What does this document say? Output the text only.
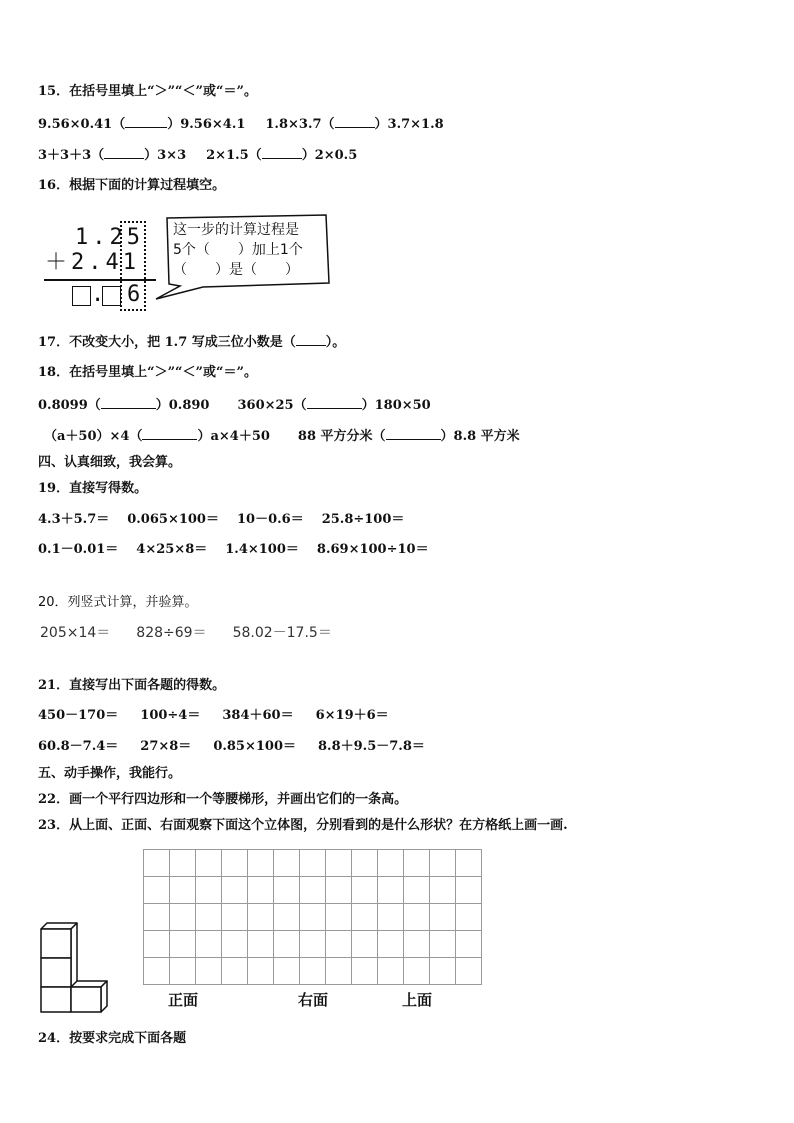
15．在括号里填上“＞”“＜”或“＝”。
9.56×0.41（	）9.56×4.1 1.8×3.7（	）3.7×1.8
3＋3＋3（	）3×3 2×1.5（	）2×0.5
16．根据下面的计算过程填空。
1.25
＋2.41
. 6
这一步的计算过程是
5个（　　）加上1个
（　　）是（　　）
17．不改变大小，把 1.7 写成三位小数是（ ）。
18．在括号里填上“＞”“＜”或“＝”。
0.8099（	）0.890 360×25（	）180×50
（a＋50）×4（	）a×4＋50 88 平方分米（	）8.8 平方米
四、认真细致，我会算。
19．直接写得数。
4.3＋5.7＝ 0.065×100＝ 10－0.6＝ 25.8÷100＝
0.1－0.01＝ 4×25×8＝ 1.4×100＝ 8.69×100÷10＝
20．列竖式计算，并验算。
205×14＝ 828÷69＝ 58.02－17.5＝
21．直接写出下面各题的得数。
450－170＝ 100÷4＝ 384＋60＝ 6×19＋6＝
60.8－7.4＝ 27×8＝ 0.85×100＝ 8.8＋9.5－7.8＝
五、动手操作，我能行。
22．画一个平行四边形和一个等腰梯形，并画出它们的一条高。
23．从上面、正面、右面观察下面这个立体图，分别看到的是什么形状？在方格纸上画一画.

正面	右面	上面
24．按要求完成下面各题
